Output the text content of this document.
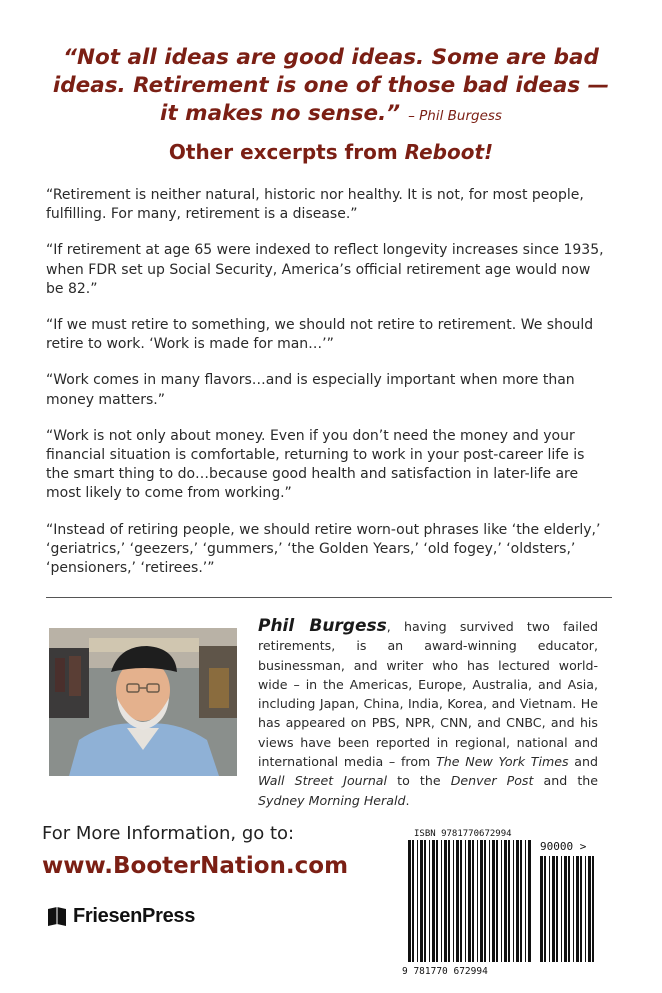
“Not all ideas are good ideas. Some are bad
ideas. Retirement is one of those bad ideas —
it makes no sense.” – Phil Burgess
Other excerpts from Reboot!

“Retirement is neither natural, historic nor healthy. It is not, for most people, fulfilling. For many, retirement is a disease.”

“If retirement at age 65 were indexed to reflect longevity increases since 1935, when FDR set up Social Security, America’s official retirement age would now be 82.”

“If we must retire to something, we should not retire to retirement. We should retire to work. ‘Work is made for man…’”

“Work comes in many flavors…and is especially important when more than money matters.”

“Work is not only about money. Even if you don’t need the money and your financial situation is comfortable, returning to work in your post-career life is the smart thing to do…because good health and satisfaction in later-life are most likely to come from working.”

“Instead of retiring people, we should retire worn-out phrases like ‘the elderly,’ ‘geriatrics,’ ‘geezers,’ ‘gummers,’ ‘the Golden Years,’ ‘old fogey,’ ‘oldsters,’ ‘pensioners,’ ‘retirees.’”

Phil Burgess, having survived two failed retirements, is an award-winning educator, businessman, and writer who has lectured world-wide – in the Americas, Europe, Australia, and Asia, including Japan, China, India, Korea, and Vietnam. He has appeared on PBS, NPR, CNN, and CNBC, and his views have been reported in regional, national and international media – from The New York Times and Wall Street Journal to the Denver Post and the Sydney Morning Herald.
For More Information, go to:
www.BooterNation.com
FriesenPress
ISBN 9781770672994
90000 >
9 781770 672994
